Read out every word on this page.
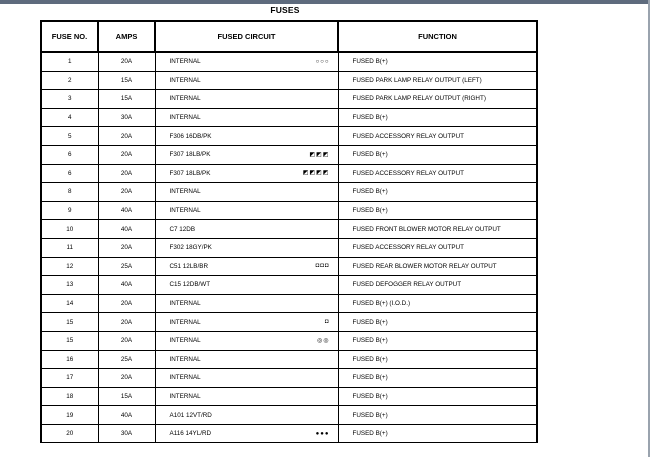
FUSES
FUSE NO.	AMPS	FUSED CIRCUIT	FUNCTION
1	20A	INTERNAL ○○○	FUSED B(+)
2	15A	INTERNAL	FUSED PARK LAMP RELAY OUTPUT (LEFT)
3	15A	INTERNAL	FUSED PARK LAMP RELAY OUTPUT (RIGHT)
4	30A	INTERNAL	FUSED B(+)
5	20A	F306 16DB/PK	FUSED ACCESSORY RELAY OUTPUT
6	20A	F307 18LB/PK ◩◩◩	FUSED B(+)
6	20A	F307 18LB/PK ◩◩◩◩	FUSED ACCESSORY RELAY OUTPUT
8	20A	INTERNAL	FUSED B(+)
9	40A	INTERNAL	FUSED B(+)
10	40A	C7 12DB	FUSED FRONT BLOWER MOTOR RELAY OUTPUT
11	20A	F302 18GY/PK	FUSED ACCESSORY RELAY OUTPUT
12	25A	C51 12LB/BR ◘◘◘	FUSED REAR BLOWER MOTOR RELAY OUTPUT
13	40A	C15 12DB/WT	FUSED DEFOGGER RELAY OUTPUT
14	20A	INTERNAL	FUSED B(+) (I.O.D.)
15	20A	INTERNAL ◘	FUSED B(+)
15	20A	INTERNAL ◎◎	FUSED B(+)
16	25A	INTERNAL	FUSED B(+)
17	20A	INTERNAL	FUSED B(+)
18	15A	INTERNAL	FUSED B(+)
19	40A	A101 12VT/RD	FUSED B(+)
20	30A	A116 14YL/RD ●●●	FUSED B(+)
